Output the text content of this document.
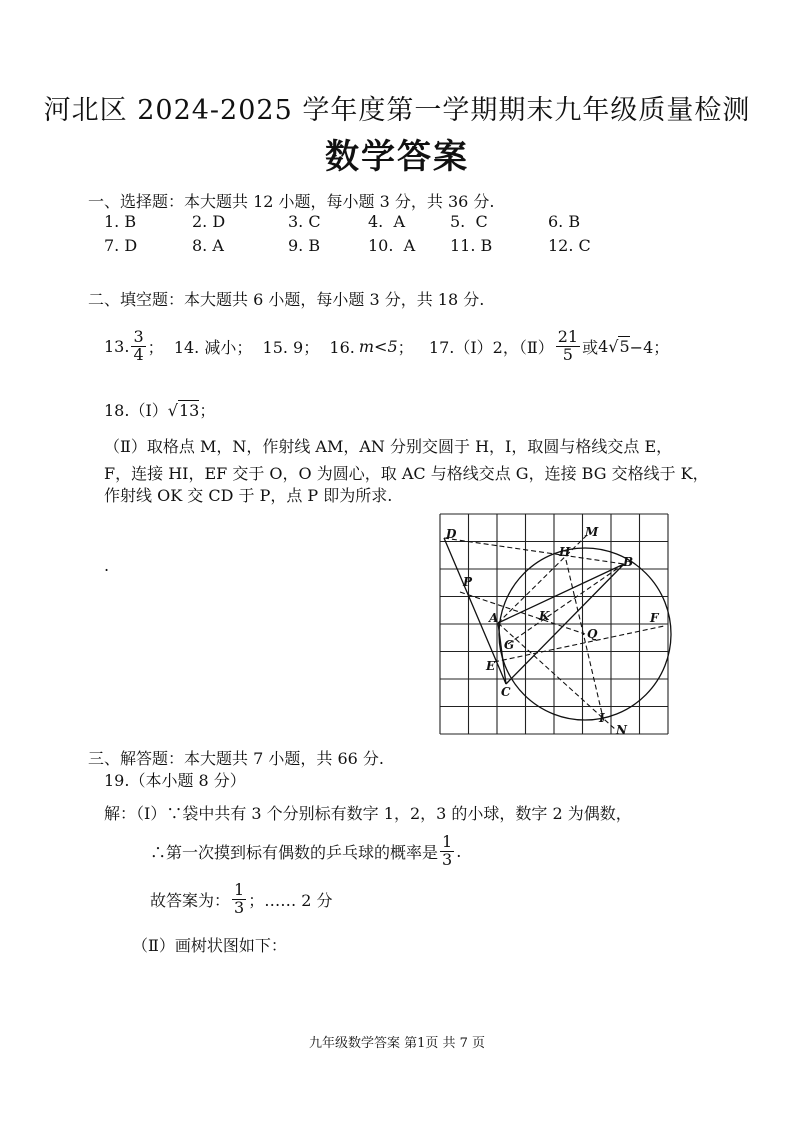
河北区 2024-2025 学年度第一学期期末九年级质量检测
数学答案
一、选择题：本大题共 12 小题，每小题 3 分，共 36 分.
1. B	2. D	3. C	4.  A	5.  C	6. B
7. D	8. A	9. B	10.  A 11. B	12. C
二、填空题：本大题共 6 小题，每小题 3 分，共 18 分.
13. $\frac{3}{4}$ ；  14. 减小；  15. 9；  16. m<5 ；   17.（Ⅰ）2，（Ⅱ） $\frac{21}{5}$ 或 4 √ 5 −4；
18.（Ⅰ）√13；
（Ⅱ）取格点 M，N，作射线 AM，AN 分别交圆于 H，I，取圆与格线交点 E，
F，连接 HI，EF 交于 O，O 为圆心，取 AC 与格线交点 G，连接 BG 交格线于 K，
作射线 OK 交 CD 于 P，点 P 即为所求.
.
D	M
H
B
P
A	K
Q
F
G
E
C
I
N
三、解答题：本大题共 7 小题，共 66 分.
19.（本小题 8 分）
解：（Ⅰ）∵袋中共有 3 个分别标有数字 1，2，3 的小球，数字 2 为偶数，
∴第一次摸到标有偶数的乒乓球的概率是 $\frac{1}{3}$ .
故答案为： $\frac{1}{3}$ ；…… 2 分
（Ⅱ）画树状图如下：
九年级数学答案 第1页 共 7 页
